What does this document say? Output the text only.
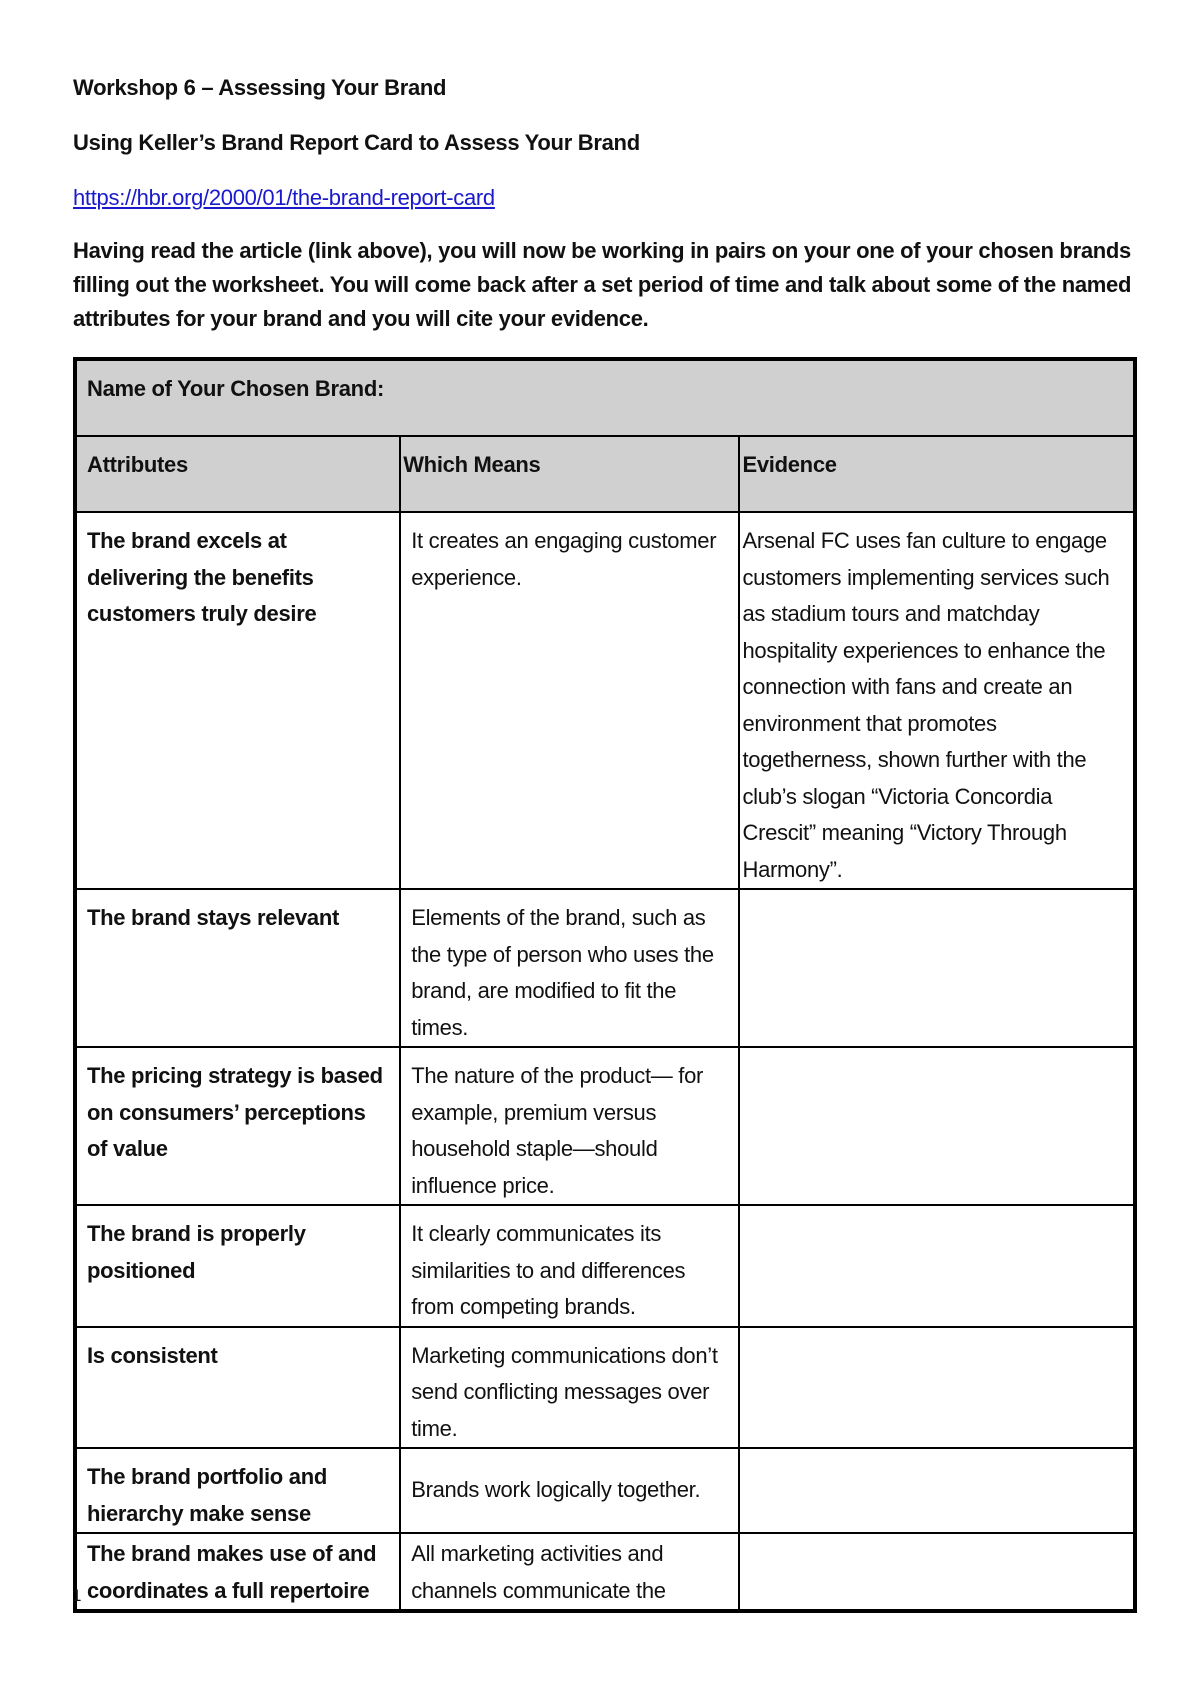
Workshop 6 – Assessing Your Brand

Using Keller’s Brand Report Card to Assess Your Brand

https://hbr.org/2000/01/the-brand-report-card

Having read the article (link above), you will now be working in pairs on your one of your chosen brands filling out the worksheet. You will come back after a set period of time and talk about some of the named attributes for your brand and you will cite your evidence.

Name of Your Chosen Brand:		
Attributes	Which Means	Evidence
The brand excels at delivering the benefits customers truly desire	It creates an engaging customer experience.	Arsenal FC uses fan culture to engage customers implementing services such as stadium tours and matchday hospitality experiences to enhance the connection with fans and create an environment that promotes togetherness, shown further with the club’s slogan “Victoria Concordia Crescit” meaning “Victory Through Harmony”.
The brand stays relevant	Elements of the brand, such as the type of person who uses the brand, are modified to fit the times.	
The pricing strategy is based on consumers’ perceptions of value	The nature of the product— for example, premium versus household staple—should influence price.	
The brand is properly positioned	It clearly communicates its similarities to and differences from competing brands.	
Is consistent	Marketing communications don’t send conflicting messages over time.	
The brand portfolio and hierarchy make sense	Brands work logically together.	
The brand makes use of and coordinates a full repertoire	All marketing activities and channels communicate the	
1
